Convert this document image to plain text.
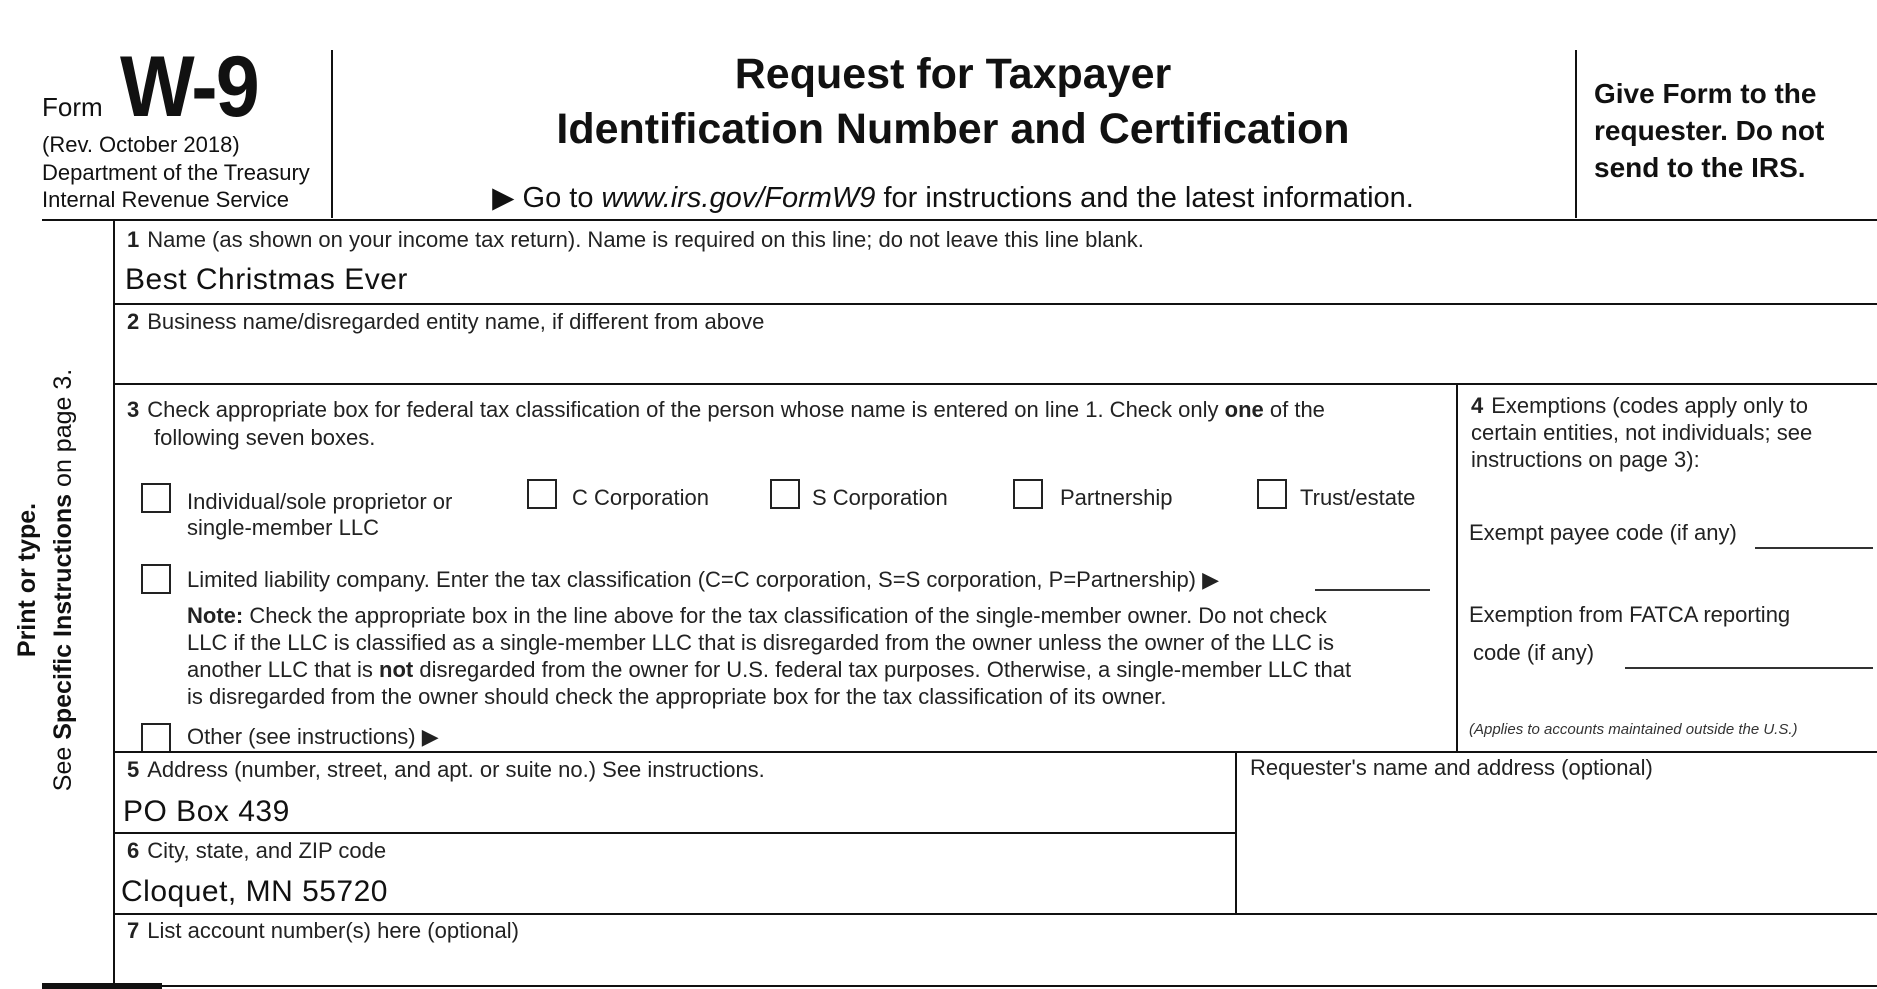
Form W-9
(Rev. October 2018)
Department of the Treasury
Internal Revenue Service
Request for Taxpayer
Identification Number and Certification
▶ Go to www.irs.gov/FormW9 for instructions and the latest information.
Give Form to the
requester. Do not
send to the IRS.
Print or type.
See Specific Instructions on page 3.
1 Name (as shown on your income tax return). Name is required on this line; do not leave this line blank.
Best Christmas Ever
2 Business name/disregarded entity name, if different from above
3 Check appropriate box for federal tax classification of the person whose name is entered on line 1. Check only one of the
following seven boxes.
Individual/sole proprietor or
single-member LLC
C Corporation	S Corporation	Partnership	Trust/estate
Limited liability company. Enter the tax classification (C=C corporation, S=S corporation, P=Partnership) ▶
Note: Check the appropriate box in the line above for the tax classification of the single-member owner. Do not check
LLC if the LLC is classified as a single-member LLC that is disregarded from the owner unless the owner of the LLC is
another LLC that is not disregarded from the owner for U.S. federal tax purposes. Otherwise, a single-member LLC that
is disregarded from the owner should check the appropriate box for the tax classification of its owner.
Other (see instructions) ▶
4 Exemptions (codes apply only to
certain entities, not individuals; see
instructions on page 3):
Exempt payee code (if any)
Exemption from FATCA reporting
code (if any)
(Applies to accounts maintained outside the U.S.)
5 Address (number, street, and apt. or suite no.) See instructions.
PO Box 439
Requester's name and address (optional)
6 City, state, and ZIP code
Cloquet, MN 55720
7 List account number(s) here (optional)
